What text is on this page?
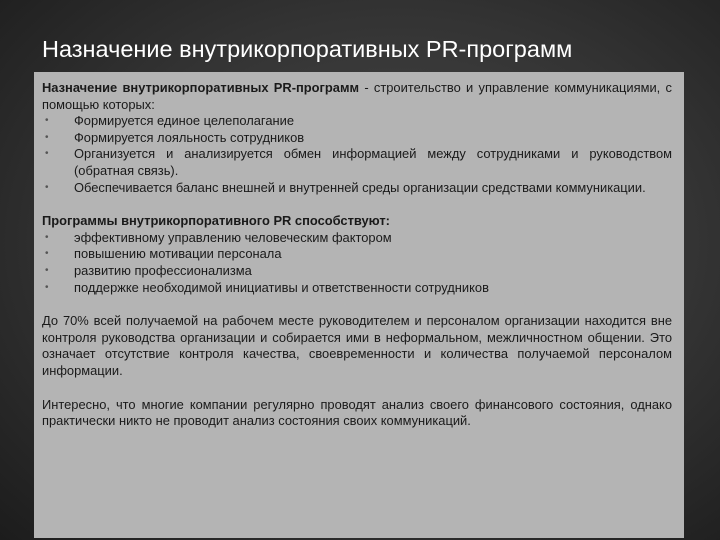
Назначение внутрикорпоративных PR-программ
Назначение внутрикорпоративных PR-программ - строительство и управление коммуникациями, с помощью которых:
• Формируется единое целеполагание
• Формируется лояльность сотрудников
• Организуется и анализируется обмен информацией между сотрудниками и руководством (обратная связь).
• Обеспечивается баланс внешней и внутренней среды организации средствами коммуникации.
Программы внутрикорпоративного PR способствуют:
• эффективному управлению человеческим фактором
• повышению мотивации персонала
• развитию профессионализма
• поддержке необходимой инициативы и ответственности сотрудников
До 70% всей получаемой на рабочем месте руководителем и персоналом организации находится вне контроля руководства организации и собирается ими в неформальном, межличностном общении. Это означает отсутствие контроля качества, своевременности и количества получаемой персоналом информации.
Интересно, что многие компании регулярно проводят анализ своего финансового состояния, однако практически никто не проводит анализ состояния своих коммуникаций.
